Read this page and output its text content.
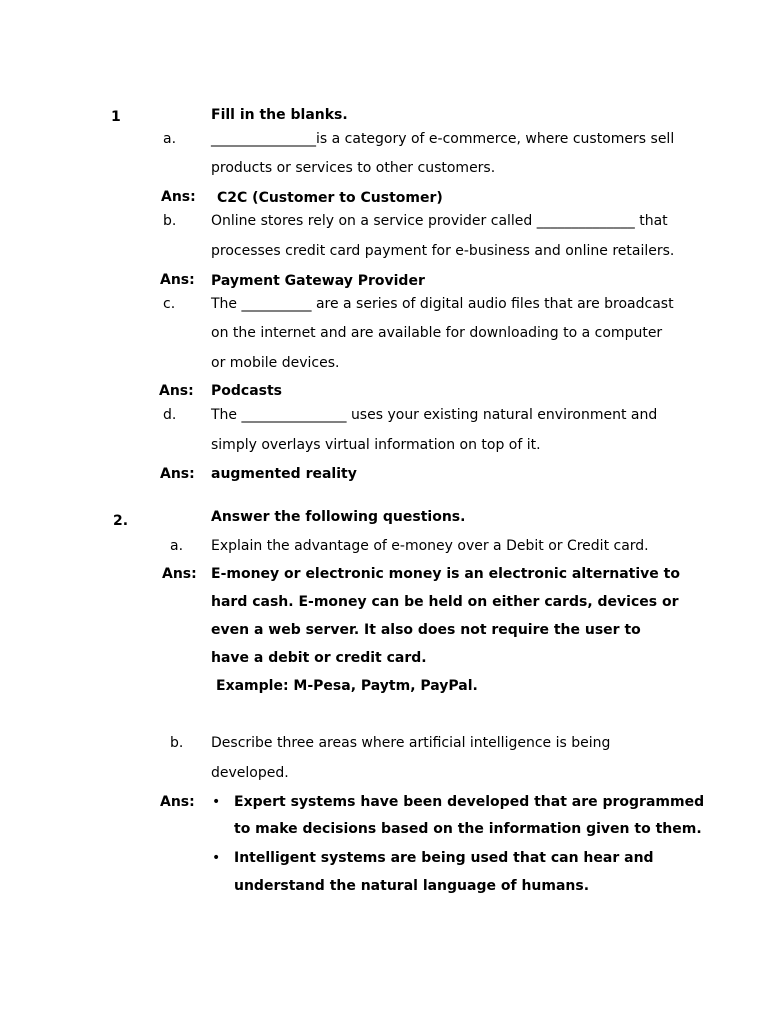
1	Fill in the blanks.
a. _______________is a category of e-commerce, where customers sell
products or services to other customers.
Ans: C2C (Customer to Customer)
b. Online stores rely on a service provider called ______________ that
processes credit card payment for e-business and online retailers.
Ans: Payment Gateway Provider
c.	The __________ are a series of digital audio files that are broadcast
on the internet and are available for downloading to a computer
or mobile devices.
Ans: Podcasts
d. The _______________ uses your existing natural environment and
simply overlays virtual information on top of it.
Ans: augmented reality
2.	Answer the following questions.
a. Explain the advantage of e-money over a Debit or Credit card.
Ans: E-money or electronic money is an electronic alternative to
hard cash. E-money can be held on either cards, devices or
even a web server. It also does not require the user to
have a debit or credit card.
Example: M-Pesa, Paytm, PayPal.
b. Describe three areas where artificial intelligence is being
developed.
Ans: • Expert systems have been developed that are programmed
to make decisions based on the information given to them.
• Intelligent systems are being used that can hear and
understand the natural language of humans.
